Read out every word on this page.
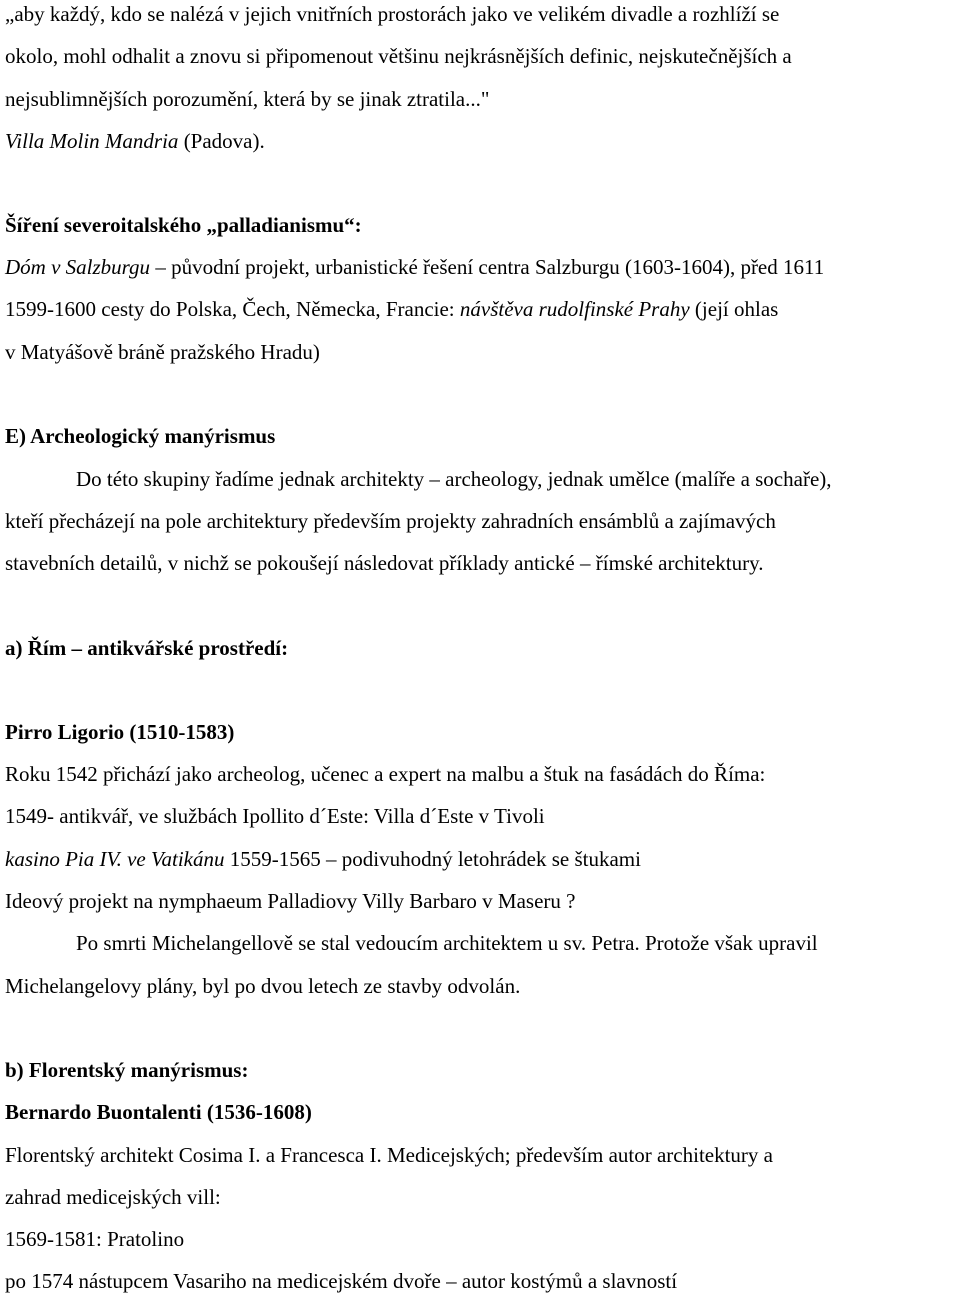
„aby každý, kdo se nalézá v jejich vnitřních prostorách jako ve velikém divadle a rozhlíží se

okolo, mohl odhalit a znovu si připomenout většinu nejkrásnějších definic, nejskutečnějších a

nejsublimnějších porozumění, která by se jinak ztratila..."

Villa Molin Mandria (Padova).

Šíření severoitalského „palladianismu“:

Dóm v Salzburgu – původní projekt, urbanistické řešení centra Salzburgu (1603-1604), před 1611

1599-1600 cesty do Polska, Čech, Německa, Francie: návštěva rudolfinské Prahy (její ohlas

v Matyášově bráně pražského Hradu)

E) Archeologický manýrismus

Do této skupiny řadíme jednak architekty – archeology, jednak umělce (malíře a sochaře),

kteří přecházejí na pole architektury především projekty zahradních ensámblů a zajímavých

stavebních detailů, v nichž se pokoušejí následovat příklady antické – římské architektury.

a) Řím – antikvářské prostředí:

Pirro Ligorio (1510-1583)

Roku 1542 přichází jako archeolog, učenec a expert na malbu a štuk na fasádách do Říma:

1549- antikvář, ve službách Ipollito d´Este: Villa d´Este v Tivoli

kasino Pia IV. ve Vatikánu 1559-1565 – podivuhodný letohrádek se štukami

Ideový projekt na nymphaeum Palladiovy Villy Barbaro v Maseru ?

Po smrti Michelangellově se stal vedoucím architektem u sv. Petra. Protože však upravil

Michelangelovy plány, byl po dvou letech ze stavby odvolán.

b) Florentský manýrismus:

Bernardo Buontalenti (1536-1608)

Florentský architekt Cosima I. a Francesca I. Medicejských; především autor architektury a

zahrad medicejských vill:

1569-1581: Pratolino

po 1574 nástupcem Vasariho na medicejském dvoře – autor kostýmů a slavností
